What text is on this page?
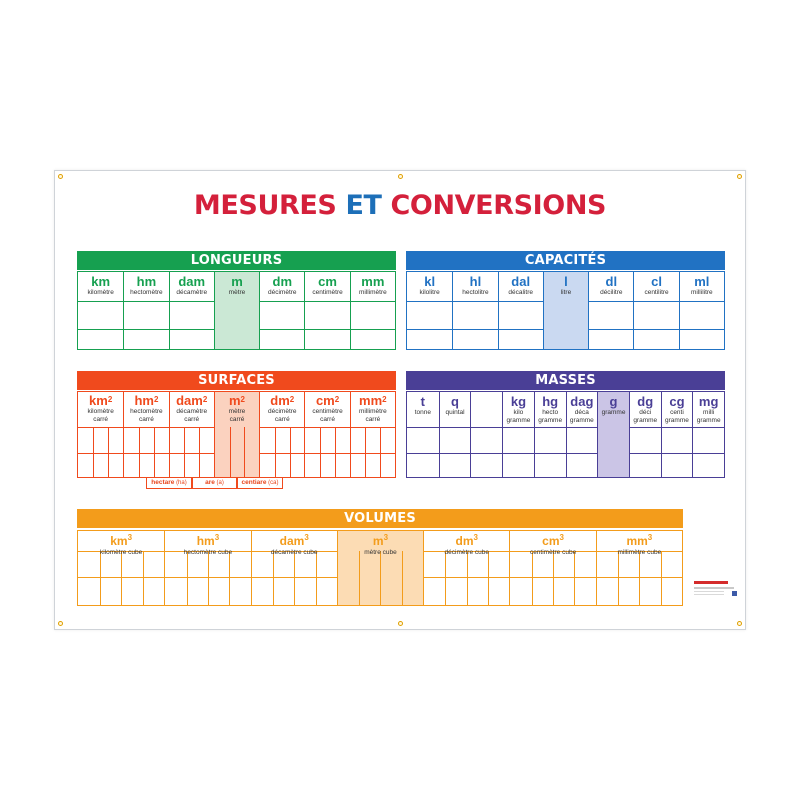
MESURES ET CONVERSIONS
LONGUEURS
km
kilomètre
hm
hectomètre
dam
décamètre
m
mètre
dm
décimètre
cm
centimètre
mm
millimètre
CAPACITÉS
kl
kilolitre
hl
hectolitre
dal
décalitre
l
litre
dl
décilitre
cl
centilitre
ml
millilitre
SURFACES
$km^2$
kilomètre
carré
$hm^2$
hectomètre
carré
dam$^2$
décamètre
carré
$m^2$
mètre
carré
$dm^2$
décimètre
carré
$cm^2$
centimètre
carré
$mm^2$
millimètre
carré
hectare (ha)	are (a)	centiare (ca)
MASSES
t
tonne
q
quintal
kg
kilo
gramme
hg
hecto
gramme
dag
déca
gramme
g
gramme
dg
déci
gramme
cg
centi
gramme
mg
milli
gramme
VOLUMES
$km^3$
kilomètre cube
$hm^3$
hectomètre cube
dam$^3$
décamètre cube
$m^3$
mètre cube
$dm^3$
décimètre cube
$cm^3$
centimètre cube
$mm^3$
millimètre cube
